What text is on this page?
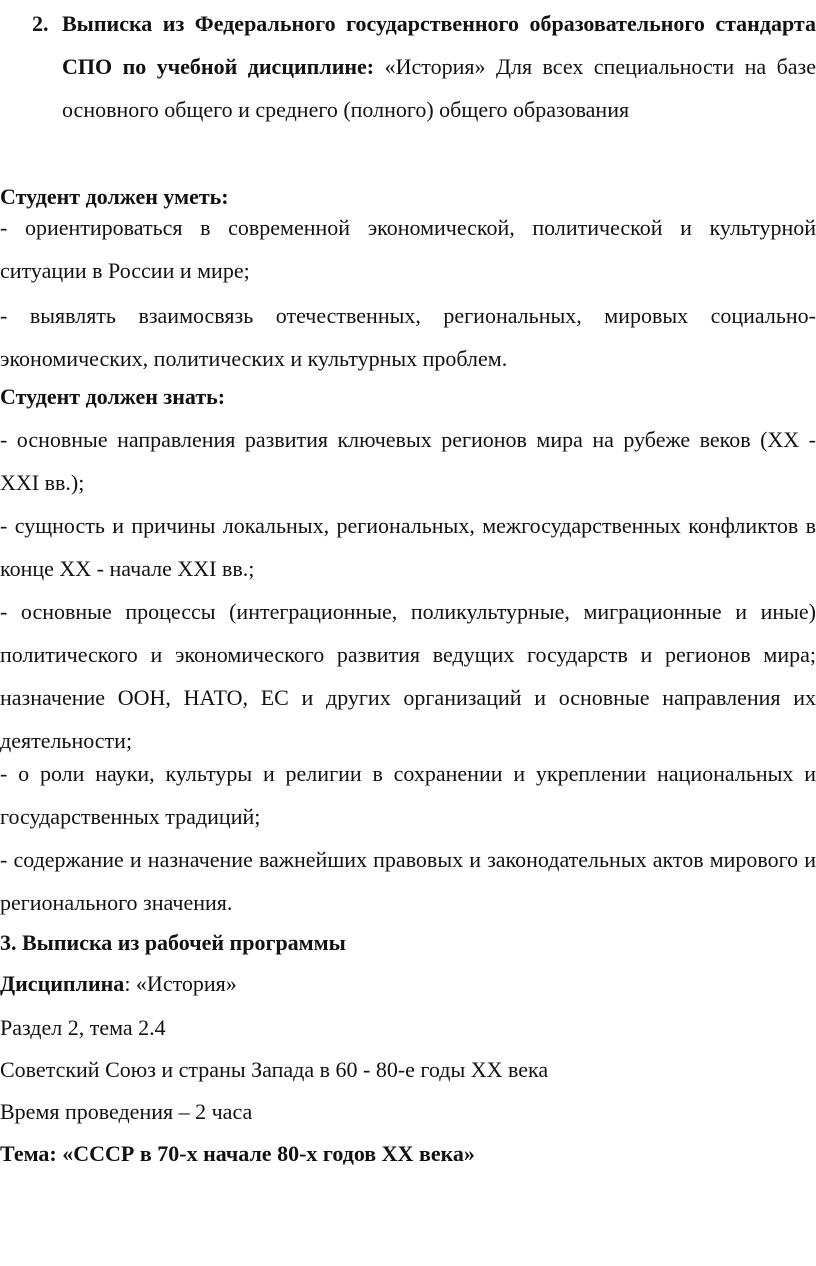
2. Выписка из Федерального государственного образовательного стандарта СПО по учебной дисциплине: «История» Для всех специальности на базе основного общего и среднего (полного) общего образования
Студент должен уметь:
- ориентироваться в современной экономической, политической и культурной ситуации в России и мире;
- выявлять взаимосвязь отечественных, региональных, мировых социально-экономических, политических и культурных проблем.
Студент должен знать:
- основные направления развития ключевых регионов мира на рубеже веков (XX - XXI вв.);
- сущность и причины локальных, региональных, межгосударственных конфликтов в конце XX - начале XXI вв.;
- основные процессы (интеграционные, поликультурные, миграционные и иные) политического и экономического развития ведущих государств и регионов мира; назначение ООН, НАТО, ЕС и других организаций и основные направления их деятельности;
- о роли науки, культуры и религии в сохранении и укреплении национальных и государственных традиций;
- содержание и назначение важнейших правовых и законодательных актов мирового и регионального значения.
3. Выписка из рабочей программы
Дисциплина: «История»
Раздел 2, тема 2.4
Советский Союз и страны Запада в 60 - 80-е годы XX века
Время проведения – 2 часа
Тема: «СССР в 70-х начале 80-х годов XX века»
